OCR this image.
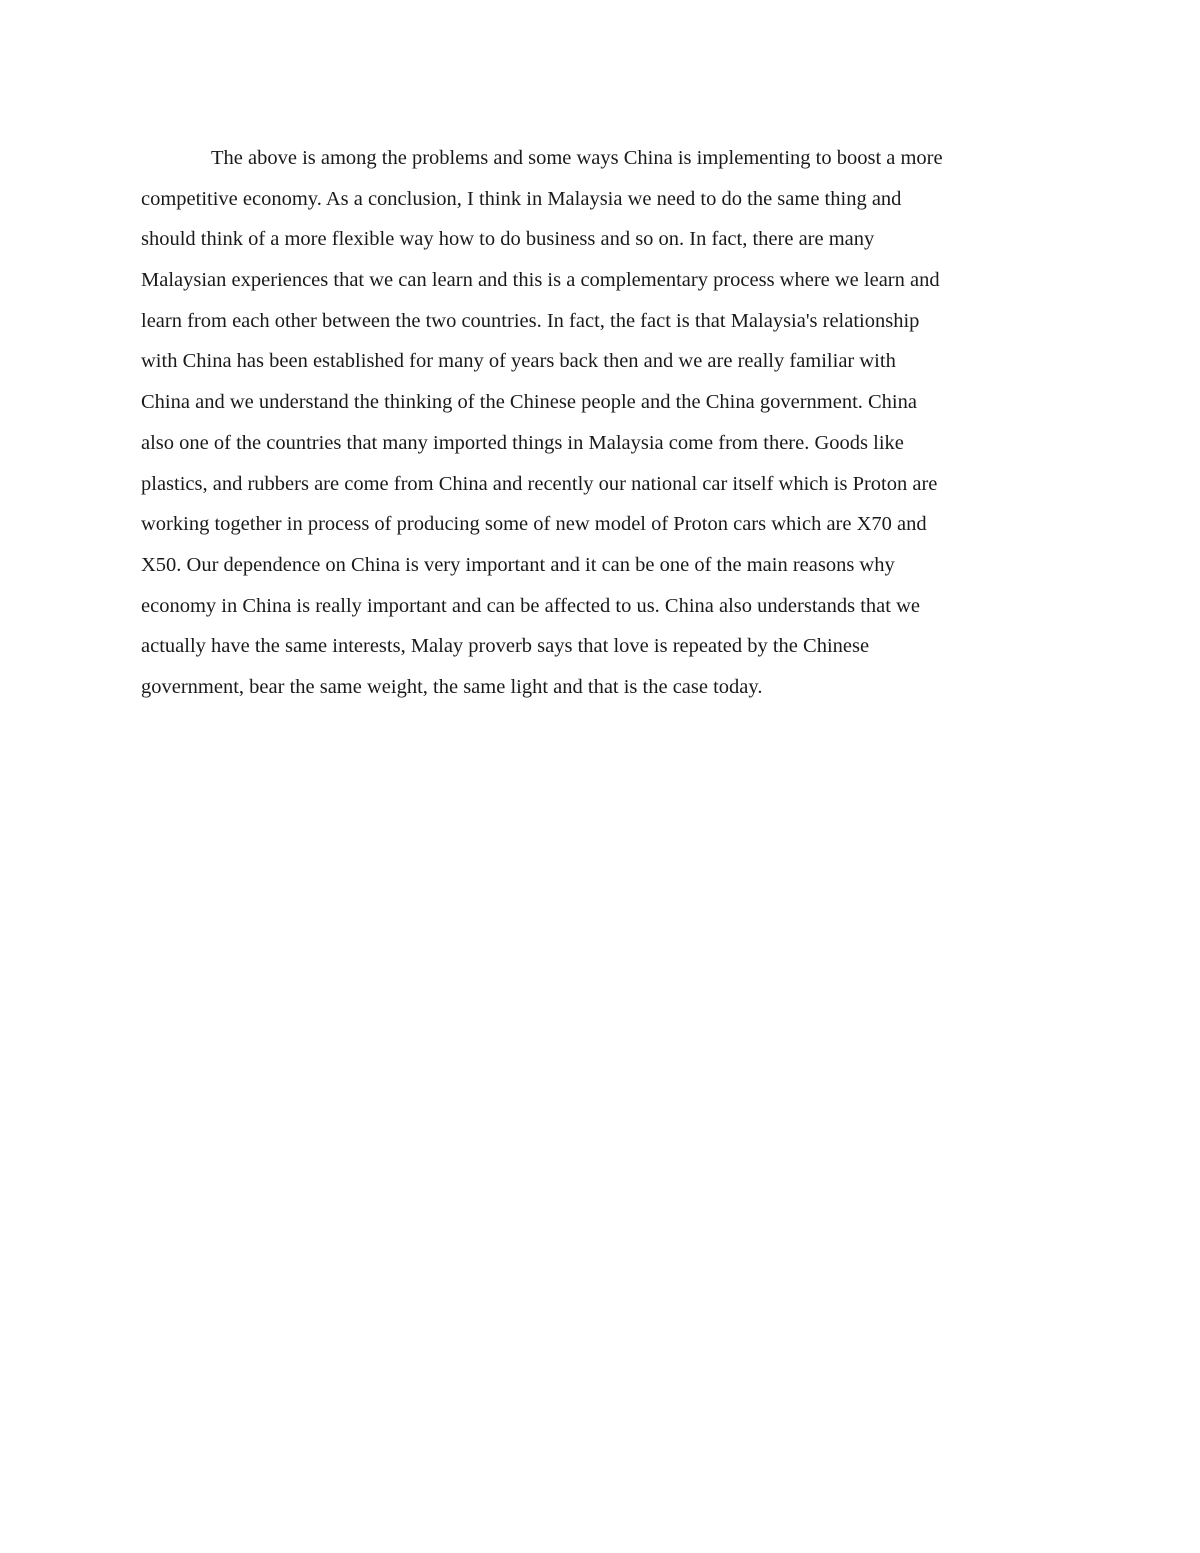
The above is among the problems and some ways China is implementing to boost a more
competitive economy. As a conclusion, I think in Malaysia we need to do the same thing and
should think of a more flexible way how to do business and so on. In fact, there are many
Malaysian experiences that we can learn and this is a complementary process where we learn and
learn from each other between the two countries. In fact, the fact is that Malaysia's relationship
with China has been established for many of years back then and we are really familiar with
China and we understand the thinking of the Chinese people and the China government. China
also one of the countries that many imported things in Malaysia come from there. Goods like
plastics, and rubbers are come from China and recently our national car itself which is Proton are
working together in process of producing some of new model of Proton cars which are X70 and
X50. Our dependence on China is very important and it can be one of the main reasons why
economy in China is really important and can be affected to us. China also understands that we
actually have the same interests, Malay proverb says that love is repeated by the Chinese
government, bear the same weight, the same light and that is the case today.
